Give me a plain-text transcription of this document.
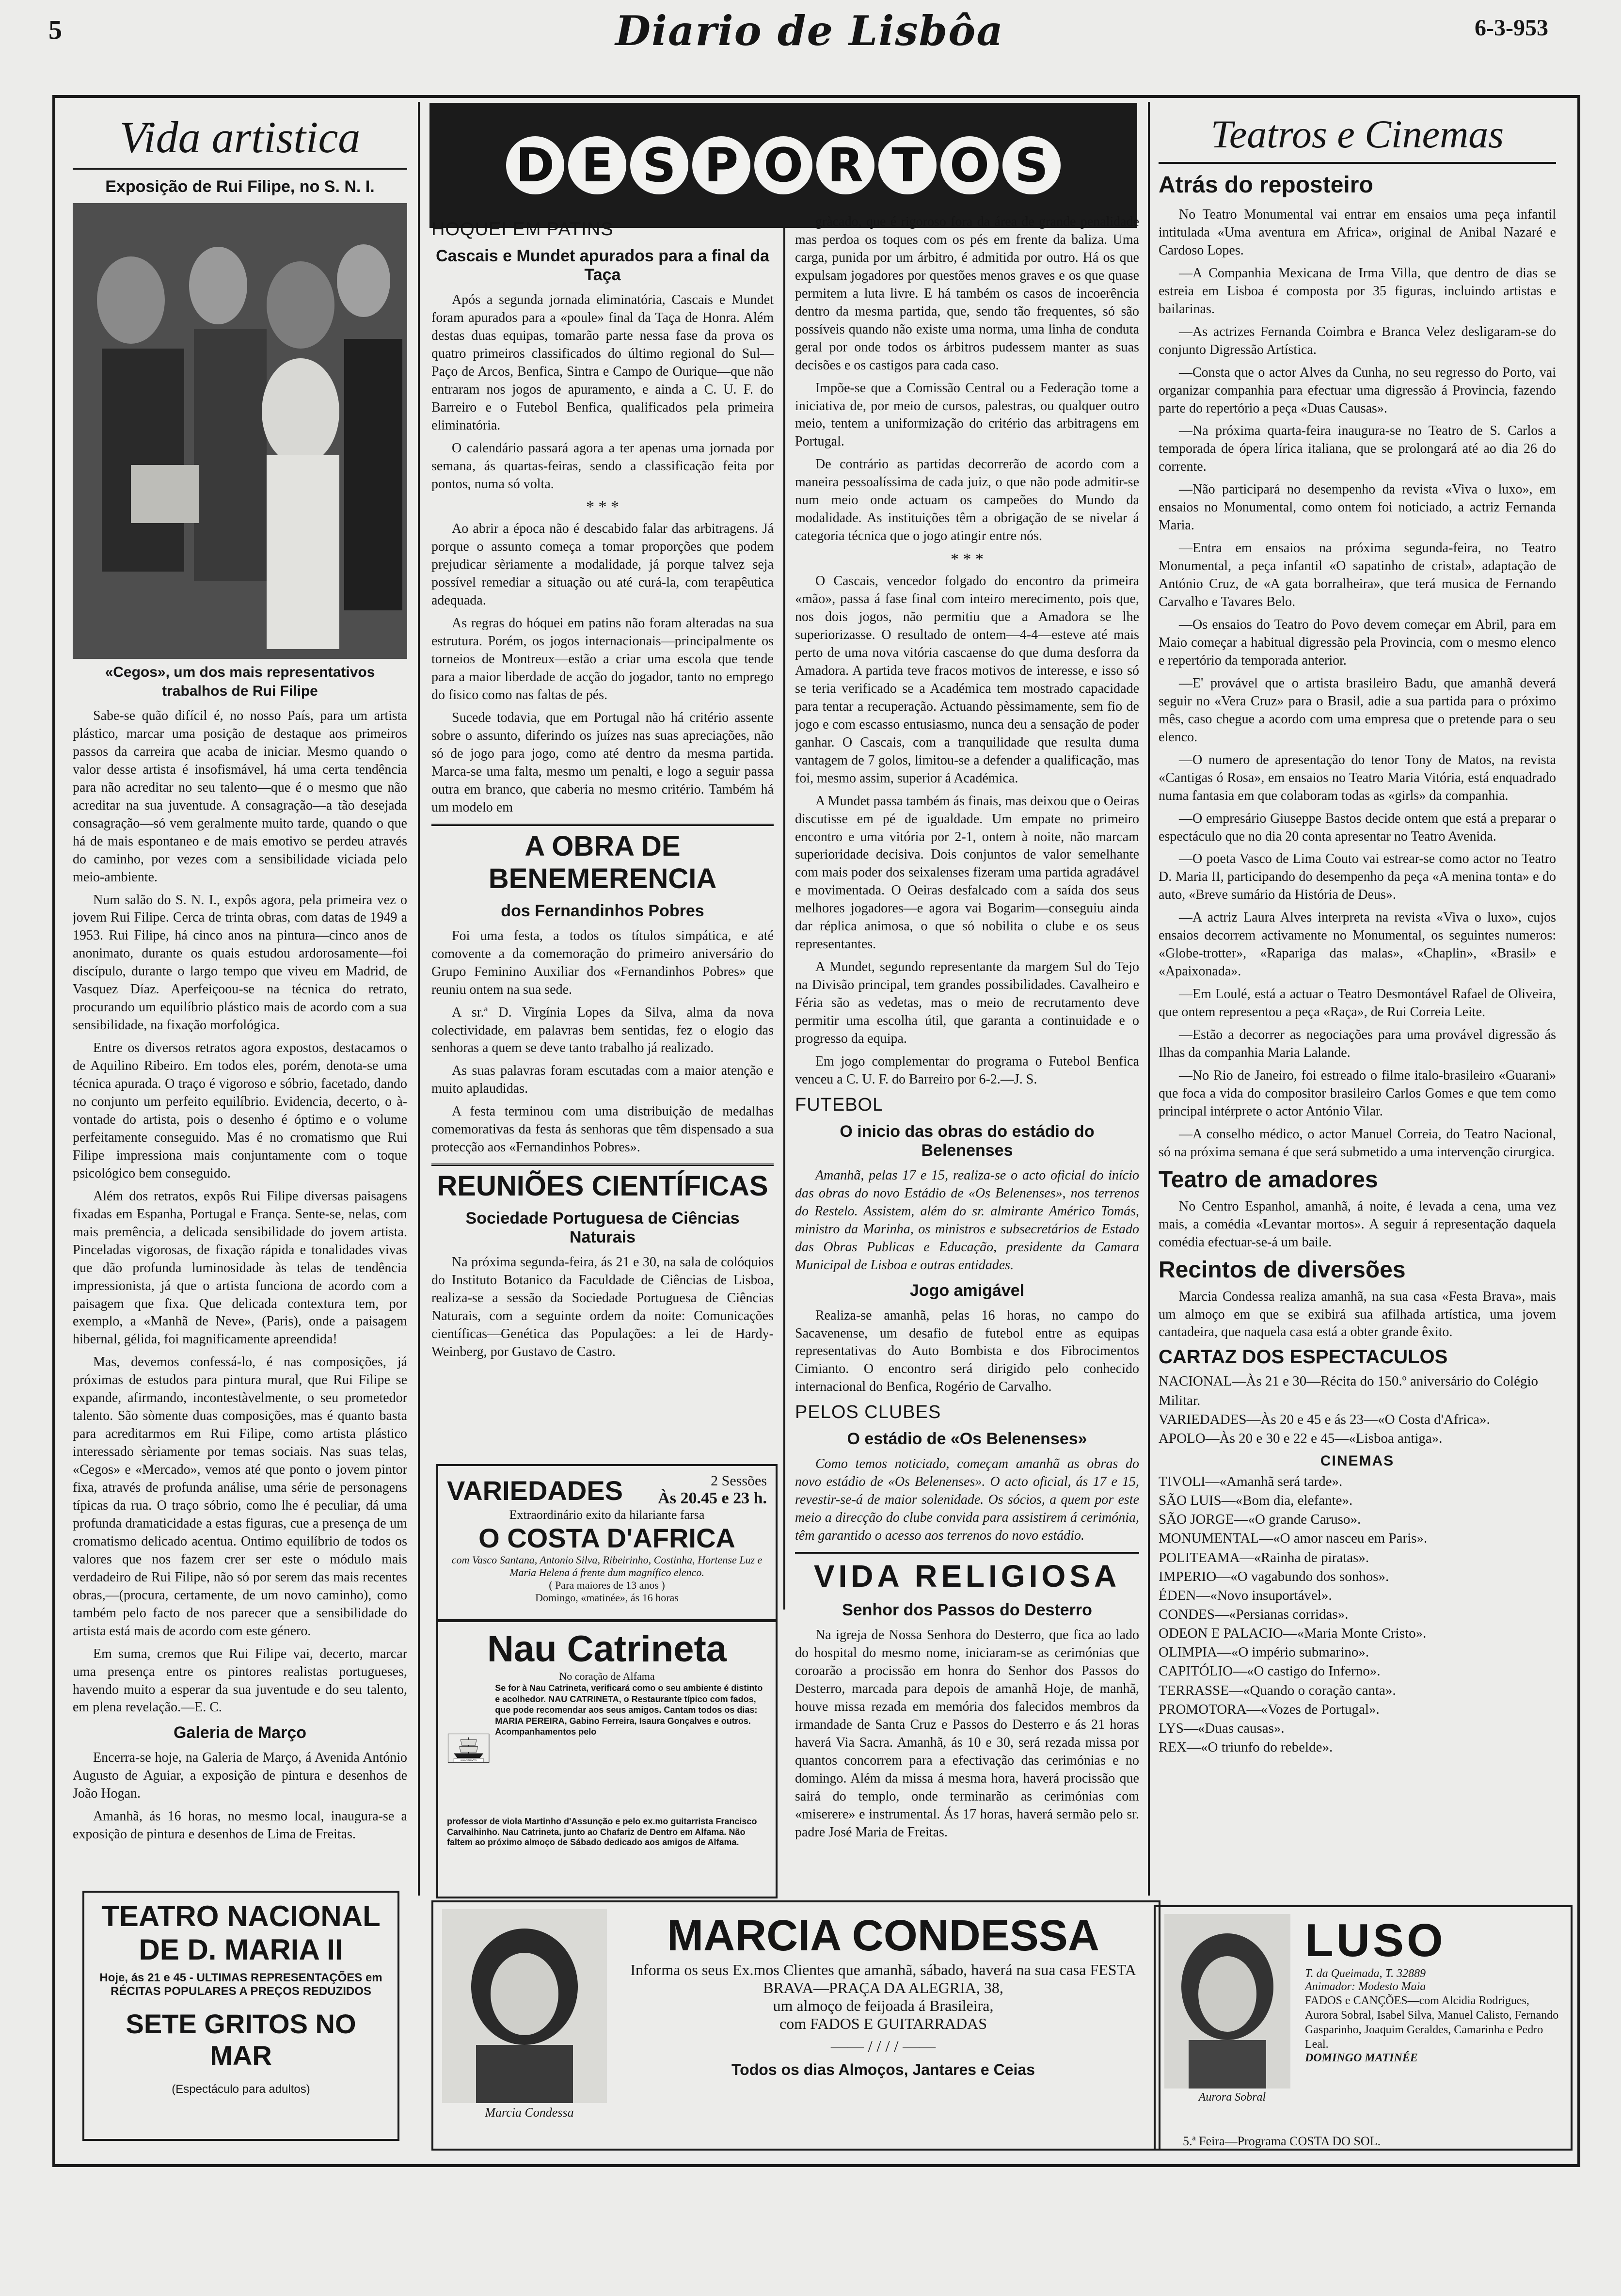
5	Diario de Lisbôa	6-3-953
Vida artistica
Exposição de Rui Filipe, no S. N. I.
«Cegos», um dos mais representativos trabalhos de Rui Filipe

Sabe-se quão difícil é, no nosso País, para um artista plástico, marcar uma posição de destaque aos primeiros passos da carreira que acaba de iniciar. Mesmo quando o valor desse artista é insofismável, há uma certa tendência para não acreditar no seu talento—que é o mesmo que não acreditar na sua juventude. A consagração—a tão desejada consagração—só vem geralmente muito tarde, quando o que há de mais espontaneo e de mais emotivo se perdeu através do caminho, por vezes com a sensibilidade viciada pelo meio-ambiente.

Num salão do S. N. I., expôs agora, pela primeira vez o jovem Rui Filipe. Cerca de trinta obras, com datas de 1949 a 1953. Rui Filipe, há cinco anos na pintura—cinco anos de anonimato, durante os quais estudou ardorosamente—foi discípulo, durante o largo tempo que viveu em Madrid, de Vasquez Díaz. Aperfeiçoou-se na técnica do retrato, procurando um equilíbrio plástico mais de acordo com a sua sensibilidade, na fixação morfológica.

Entre os diversos retratos agora expostos, destacamos o de Aquilino Ribeiro. Em todos eles, porém, denota-se uma técnica apurada. O traço é vigoroso e sóbrio, facetado, dando no conjunto um perfeito equilíbrio. Evidencia, decerto, o à-vontade do artista, pois o desenho é óptimo e o volume perfeitamente conseguido. Mas é no cromatismo que Rui Filipe impressiona mais conjuntamente com o toque psicológico bem conseguido.

Além dos retratos, expôs Rui Filipe diversas paisagens fixadas em Espanha, Portugal e França. Sente-se, nelas, com mais premência, a delicada sensibilidade do jovem artista. Pinceladas vigorosas, de fixação rápida e tonalidades vivas que dão profunda luminosidade às telas de tendência impressionista, já que o artista funciona de acordo com a paisagem que fixa. Que delicada contextura tem, por exemplo, a «Manhã de Neve», (Paris), onde a paisagem hibernal, gélida, foi magnificamente apreendida!

Mas, devemos confessá-lo, é nas composições, já próximas de estudos para pintura mural, que Rui Filipe se expande, afirmando, incontestàvelmente, o seu prometedor talento. São sòmente duas composições, mas é quanto basta para acreditarmos em Rui Filipe, como artista plástico interessado sèriamente por temas sociais. Nas suas telas, «Cegos» e «Mercado», vemos até que ponto o jovem pintor fixa, através de profunda análise, uma série de personagens típicas da rua. O traço sóbrio, como lhe é peculiar, dá uma profunda dramaticidade a estas figuras, cue a presença de um cromatismo delicado acentua. Ontimo equilíbrio de todos os valores que nos fazem crer ser este o módulo mais verdadeiro de Rui Filipe, não só por serem das mais recentes obras,—(procura, certamente, de um novo caminho), como também pelo facto de nos parecer que a sensibilidade do artista está mais de acordo com este género.

Em suma, cremos que Rui Filipe vai, decerto, marcar uma presença entre os pintores realistas portugueses, havendo muito a esperar da sua juventude e do seu talento, em plena revelação.—E. C.

Galeria de Março

Encerra-se hoje, na Galeria de Março, á Avenida António Augusto de Aguiar, a exposição de pintura e desenhos de João Hogan.

Amanhã, ás 16 horas, no mesmo local, inaugura-se a exposição de pintura e desenhos de Lima de Freitas.

TEATRO NACIONAL
DE D. MARIA II
Hoje, ás 21 e 45 - ULTIMAS REPRESENTAÇÕES em RÉCITAS POPULARES A PREÇOS REDUZIDOS
SETE GRITOS NO MAR
(Espectáculo para adultos)
D E S P O R T O S
HOQUEI EM PATINS
Cascais e Mundet apurados para a final da Taça

Após a segunda jornada eliminatória, Cascais e Mundet foram apurados para a «poule» final da Taça de Honra. Além destas duas equipas, tomarão parte nessa fase da prova os quatro primeiros classificados do último regional do Sul—Paço de Arcos, Benfica, Sintra e Campo de Ourique—que não entraram nos jogos de apuramento, e ainda a C. U. F. do Barreiro e o Futebol Benfica, qualificados pela primeira eliminatória.

O calendário passará agora a ter apenas uma jornada por semana, ás quartas-feiras, sendo a classificação feita por pontos, numa só volta.

* * *

Ao abrir a época não é descabido falar das arbitragens. Já porque o assunto começa a tomar proporções que podem prejudicar sèriamente a modalidade, já porque talvez seja possível remediar a situação ou até curá-la, com terapêutica adequada.

As regras do hóquei em patins não foram alteradas na sua estrutura. Porém, os jogos internacionais—principalmente os torneios de Montreux—estão a criar uma escola que tende para a maior liberdade de acção do jogador, tanto no emprego do fisico como nas faltas de pés.

Sucede todavia, que em Portugal não há critério assente sobre o assunto, diferindo os juízes nas suas apreciações, não só de jogo para jogo, como até dentro da mesma partida. Marca-se uma falta, mesmo um penalti, e logo a seguir passa outra em branco, que caberia no mesmo critério. Também há um modelo em

A OBRA DE BENEMERENCIA
dos Fernandinhos Pobres

Foi uma festa, a todos os títulos simpática, e até comovente a da comemoração do primeiro aniversário do Grupo Feminino Auxiliar dos «Fernandinhos Pobres» que reuniu ontem na sua sede.

A sr.ª D. Virgínia Lopes da Silva, alma da nova colectividade, em palavras bem sentidas, fez o elogio das senhoras a quem se deve tanto trabalho já realizado.

As suas palavras foram escutadas com a maior atenção e muito aplaudidas.

A festa terminou com uma distribuição de medalhas comemorativas da festa ás senhoras que têm dispensado a sua protecção aos «Fernandinhos Pobres».

REUNIÕES CIENTÍFICAS
Sociedade Portuguesa de Ciências Naturais

Na próxima segunda-feira, ás 21 e 30, na sala de colóquios do Instituto Botanico da Faculdade de Ciências de Lisboa, realiza-se a sessão da Sociedade Portuguesa de Ciências Naturais, com a seguinte ordem da noite: Comunicações científicas—Genética das Populações: a lei de Hardy-Weinberg, por Gustavo de Castro.

VARIEDADES	2 Sessões
Às 20.45 e 23 h.
Extraordinário exito da hilariante farsa
O COSTA D'AFRICA
com Vasco Santana, Antonio Silva, Ribeirinho, Costinha, Hortense Luz e Maria Helena á frente dum magnífico elenco.
( Para maiores de 13 anos )
Domingo, «matinée», ás 16 horas
Nau Catrineta
No coração de Alfama
NAU CATRINETA
Se for à Nau Catrineta, verificará como o seu ambiente é distinto e acolhedor. NAU CATRINETA, o Restaurante típico com fados, que pode recomendar aos seus amigos. Cantam todos os dias: MARIA PEREIRA, Gabino Ferreira, Isaura Gonçalves e outros. Acompanhamentos pelo
professor de viola Martinho d'Assunção e pelo ex.mo guitarrista Francisco Carvalhinho. Nau Catrineta, junto ao Chafariz de Dentro em Alfama. Não faltem ao próximo almoço de Sábado dedicado aos amigos de Alfama.

gràcado, que é rigoroso fora da área de grande penalidade mas perdoa os toques com os pés em frente da baliza. Uma carga, punida por um árbitro, é admitida por outro. Há os que expulsam jogadores por questões menos graves e os que quase permitem a luta livre. E há também os casos de incoerência dentro da mesma partida, que, sendo tão frequentes, só são possíveis quando não existe uma norma, uma linha de conduta geral por onde todos os árbitros pudessem manter as suas decisões e os castigos para cada caso.

Impõe-se que a Comissão Central ou a Federação tome a iniciativa de, por meio de cursos, palestras, ou qualquer outro meio, tentem a uniformização do critério das arbitragens em Portugal.

De contrário as partidas decorrerão de acordo com a maneira pessoalíssima de cada juiz, o que não pode admitir-se num meio onde actuam os campeões do Mundo da modalidade. As instituições têm a obrigação de se nivelar á categoria técnica que o jogo atingir entre nós.

* * *

O Cascais, vencedor folgado do encontro da primeira «mão», passa á fase final com inteiro merecimento, pois que, nos dois jogos, não permitiu que a Amadora se lhe superiorizasse. O resultado de ontem—4-4—esteve até mais perto de uma nova vitória cascaense do que duma desforra da Amadora. A partida teve fracos motivos de interesse, e isso só se teria verificado se a Académica tem mostrado capacidade para tentar a recuperação. Actuando pèssimamente, sem fio de jogo e com escasso entusiasmo, nunca deu a sensação de poder ganhar. O Cascais, com a tranquilidade que resulta duma vantagem de 7 golos, limitou-se a defender a qualificação, mas foi, mesmo assim, superior á Académica.

A Mundet passa também ás finais, mas deixou que o Oeiras discutisse em pé de igualdade. Um empate no primeiro encontro e uma vitória por 2-1, ontem à noite, não marcam superioridade decisiva. Dois conjuntos de valor semelhante com mais poder dos seixalenses fizeram uma partida agradável e movimentada. O Oeiras desfalcado com a saída dos seus melhores jogadores—e agora vai Bogarim—conseguiu ainda dar réplica animosa, o que só nobilita o clube e os seus representantes.

A Mundet, segundo representante da margem Sul do Tejo na Divisão principal, tem grandes possibilidades. Cavalheiro e Féria são as vedetas, mas o meio de recrutamento deve permitir uma escolha útil, que garanta a continuidade e o progresso da equipa.

Em jogo complementar do programa o Futebol Benfica venceu a C. U. F. do Barreiro por 6-2.—J. S.

FUTEBOL
O inicio das obras do estádio do Belenenses

Amanhã, pelas 17 e 15, realiza-se o acto oficial do início das obras do novo Estádio de «Os Belenenses», nos terrenos do Restelo. Assistem, além do sr. almirante Américo Tomás, ministro da Marinha, os ministros e subsecretários de Estado das Obras Publicas e Educação, presidente da Camara Municipal de Lisboa e outras entidades.

Jogo amigável

Realiza-se amanhã, pelas 16 horas, no campo do Sacavenense, um desafio de futebol entre as equipas representativas do Auto Bombista e dos Fibrocimentos Cimianto. O encontro será dirigido pelo conhecido internacional do Benfica, Rogério de Carvalho.

PELOS CLUBES
O estádio de «Os Belenenses»

Como temos noticiado, começam amanhã as obras do novo estádio de «Os Belenenses». O acto oficial, ás 17 e 15, revestir-se-á de maior solenidade. Os sócios, a quem por este meio a direcção do clube convida para assistirem á cerimónia, têm garantido o acesso aos terrenos do novo estádio.

VIDA RELIGIOSA
Senhor dos Passos do Desterro

Na igreja de Nossa Senhora do Desterro, que fica ao lado do hospital do mesmo nome, iniciaram-se as cerimónias que coroarão a procissão em honra do Senhor dos Passos do Desterro, marcada para depois de amanhã Hoje, de manhã, houve missa rezada em memória dos falecidos membros da irmandade de Santa Cruz e Passos do Desterro e ás 21 horas haverá Via Sacra. Amanhã, ás 10 e 30, será rezada missa por quantos concorrem para a efectivação das cerimónias e no domingo. Além da missa á mesma hora, haverá procissão que sairá do templo, onde terminarão as cerimónias com «miserere» e instrumental. Ás 17 horas, haverá sermão pelo sr. padre José Maria de Freitas.

Teatros e Cinemas
Atrás do reposteiro

No Teatro Monumental vai entrar em ensaios uma peça infantil intitulada «Uma aventura em Africa», original de Anibal Nazaré e Cardoso Lopes.

—A Companhia Mexicana de Irma Villa, que dentro de dias se estreia em Lisboa é composta por 35 figuras, incluindo artistas e bailarinas.

—As actrizes Fernanda Coimbra e Branca Velez desligaram-se do conjunto Digressão Artística.

—Consta que o actor Alves da Cunha, no seu regresso do Porto, vai organizar companhia para efectuar uma digressão á Provincia, fazendo parte do repertório a peça «Duas Causas».

—Na próxima quarta-feira inaugura-se no Teatro de S. Carlos a temporada de ópera lírica italiana, que se prolongará até ao dia 26 do corrente.

—Não participará no desempenho da revista «Viva o luxo», em ensaios no Monumental, como ontem foi noticiado, a actriz Fernanda Maria.

—Entra em ensaios na próxima segunda-feira, no Teatro Monumental, a peça infantil «O sapatinho de cristal», adaptação de António Cruz, de «A gata borralheira», que terá musica de Fernando Carvalho e Tavares Belo.

—Os ensaios do Teatro do Povo devem começar em Abril, para em Maio começar a habitual digressão pela Provincia, com o mesmo elenco e repertório da temporada anterior.

—E' provável que o artista brasileiro Badu, que amanhã deverá seguir no «Vera Cruz» para o Brasil, adie a sua partida para o próximo mês, caso chegue a acordo com uma empresa que o pretende para o seu elenco.

—O numero de apresentação do tenor Tony de Matos, na revista «Cantigas ó Rosa», em ensaios no Teatro Maria Vitória, está enquadrado numa fantasia em que colaboram todas as «girls» da companhia.

—O empresário Giuseppe Bastos decide ontem que está a preparar o espectáculo que no dia 20 conta apresentar no Teatro Avenida.

—O poeta Vasco de Lima Couto vai estrear-se como actor no Teatro D. Maria II, participando do desempenho da peça «A menina tonta» e do auto, «Breve sumário da História de Deus».

—A actriz Laura Alves interpreta na revista «Viva o luxo», cujos ensaios decorrem activamente no Monumental, os seguintes numeros: «Globe-trotter», «Rapariga das malas», «Chaplin», «Brasil» e «Apaixonada».

—Em Loulé, está a actuar o Teatro Desmontável Rafael de Oliveira, que ontem representou a peça «Raça», de Rui Correia Leite.

—Estão a decorrer as negociações para uma provável digressão ás Ilhas da companhia Maria Lalande.

—No Rio de Janeiro, foi estreado o filme italo-brasileiro «Guarani» que foca a vida do compositor brasileiro Carlos Gomes e que tem como principal intérprete o actor António Vilar.

—A conselho médico, o actor Manuel Correia, do Teatro Nacional, só na próxima semana é que será submetido a uma intervenção cirurgica.

Teatro de amadores

No Centro Espanhol, amanhã, á noite, é levada a cena, uma vez mais, a comédia «Levantar mortos». A seguir á representação daquela comédia efectuar-se-á um baile.

Recintos de diversões

Marcia Condessa realiza amanhã, na sua casa «Festa Brava», mais um almoço em que se exibirá sua afilhada artística, uma jovem cantadeira, que naquela casa está a obter grande êxito.

CARTAZ DOS ESPECTACULOS
NACIONAL—Às 21 e 30—Récita do 150.º aniversário do Colégio Militar.
VARIEDADES—Às 20 e 45 e ás 23—«O Costa d'Africa».
APOLO—Às 20 e 30 e 22 e 45—«Lisboa antiga».
CINEMAS
TIVOLI—«Amanhã será tarde».
SÃO LUIS—«Bom dia, elefante».
SÃO JORGE—«O grande Caruso».
MONUMENTAL—«O amor nasceu em Paris».
POLITEAMA—«Rainha de piratas».
IMPERIO—«O vagabundo dos sonhos».
ÉDEN—«Novo insuportável».
CONDES—«Persianas corridas».
ODEON E PALACIO—«Maria Monte Cristo».
OLIMPIA—«O império submarino».
CAPITÓLIO—«O castigo do Inferno».
TERRASSE—«Quando o coração canta».
PROMOTORA—«Vozes de Portugal».
LYS—«Duas causas».
REX—«O triunfo do rebelde».
Marcia Condessa
MARCIA CONDESSA
Informa os seus Ex.mos Clientes que amanhã, sábado, haverá na sua casa FESTA BRAVA—PRAÇA DA ALEGRIA, 38,
um almoço de feijoada á Brasileira,
com FADOS E GUITARRADAS
—— / / / / ——
Todos os dias Almoços, Jantares e Ceias
Aurora Sobral
LUSO
T. da Queimada, T. 32889
Animador: Modesto Maia
FADOS e CANÇÕES—com Alcidia Rodrigues, Aurora Sobral, Isabel Silva, Manuel Calisto, Fernando Gasparinho, Joaquim Geraldes, Camarinha e Pedro Leal.
DOMINGO MATINÉE
5.ª Feira—Programa COSTA DO SOL.
